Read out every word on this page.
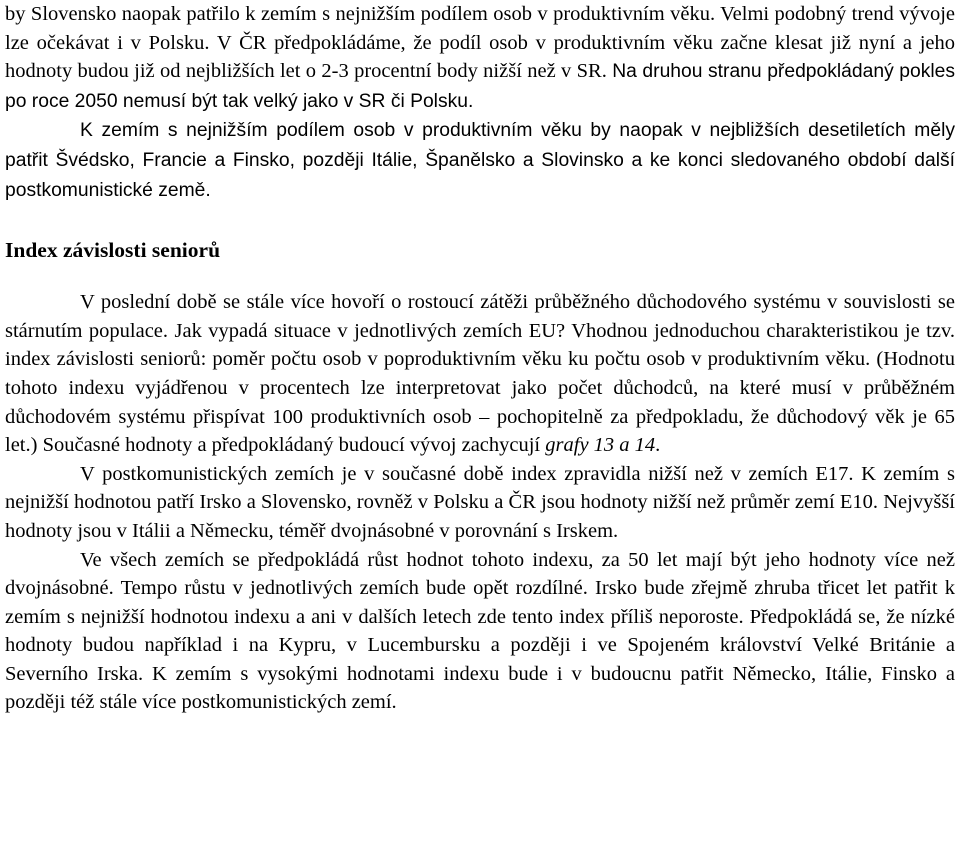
by Slovensko naopak patřilo k zemím s nejnižším podílem osob v produktivním věku. Velmi podobný trend vývoje lze očekávat i v Polsku. V ČR předpokládáme, že podíl osob v produktivním věku začne klesat již nyní a jeho hodnoty budou již od nejbližších let o 2-3 procentní body nižší než v SR. Na druhou stranu předpokládaný pokles po roce 2050 nemusí být tak velký jako v SR či Polsku.

K zemím s nejnižším podílem osob v produktivním věku by naopak v nejbližších desetiletích měly patřit Švédsko, Francie a Finsko, později Itálie, Španělsko a Slovinsko a ke konci sledovaného období další postkomunistické země.

Index závislosti seniorů

V poslední době se stále více hovoří o rostoucí zátěži průběžného důchodového systému v souvislosti se stárnutím populace. Jak vypadá situace v jednotlivých zemích EU? Vhodnou jednoduchou charakteristikou je tzv. index závislosti seniorů: poměr počtu osob v poproduktivním věku ku počtu osob v produktivním věku. (Hodnotu tohoto indexu vyjádřenou v procentech lze interpretovat jako počet důchodců, na které musí v průběžném důchodovém systému přispívat 100 produktivních osob – pochopitelně za předpokladu, že důchodový věk je 65 let.) Současné hodnoty a předpokládaný budoucí vývoj zachycují grafy 13 a 14.

V postkomunistických zemích je v současné době index zpravidla nižší než v zemích E17. K zemím s nejnižší hodnotou patří Irsko a Slovensko, rovněž v Polsku a ČR jsou hodnoty nižší než průměr zemí E10. Nejvyšší hodnoty jsou v Itálii a Německu, téměř dvojnásobné v porovnání s Irskem.

Ve všech zemích se předpokládá růst hodnot tohoto indexu, za 50 let mají být jeho hodnoty více než dvojnásobné. Tempo růstu v jednotlivých zemích bude opět rozdílné. Irsko bude zřejmě zhruba třicet let patřit k zemím s nejnižší hodnotou indexu a ani v dalších letech zde tento index příliš neporoste. Předpokládá se, že nízké hodnoty budou například i na Kypru, v Lucembursku a později i ve Spojeném království Velké Británie a Severního Irska. K zemím s vysokými hodnotami indexu bude i v budoucnu patřit Německo, Itálie, Finsko a později též stále více postkomunistických zemí.
